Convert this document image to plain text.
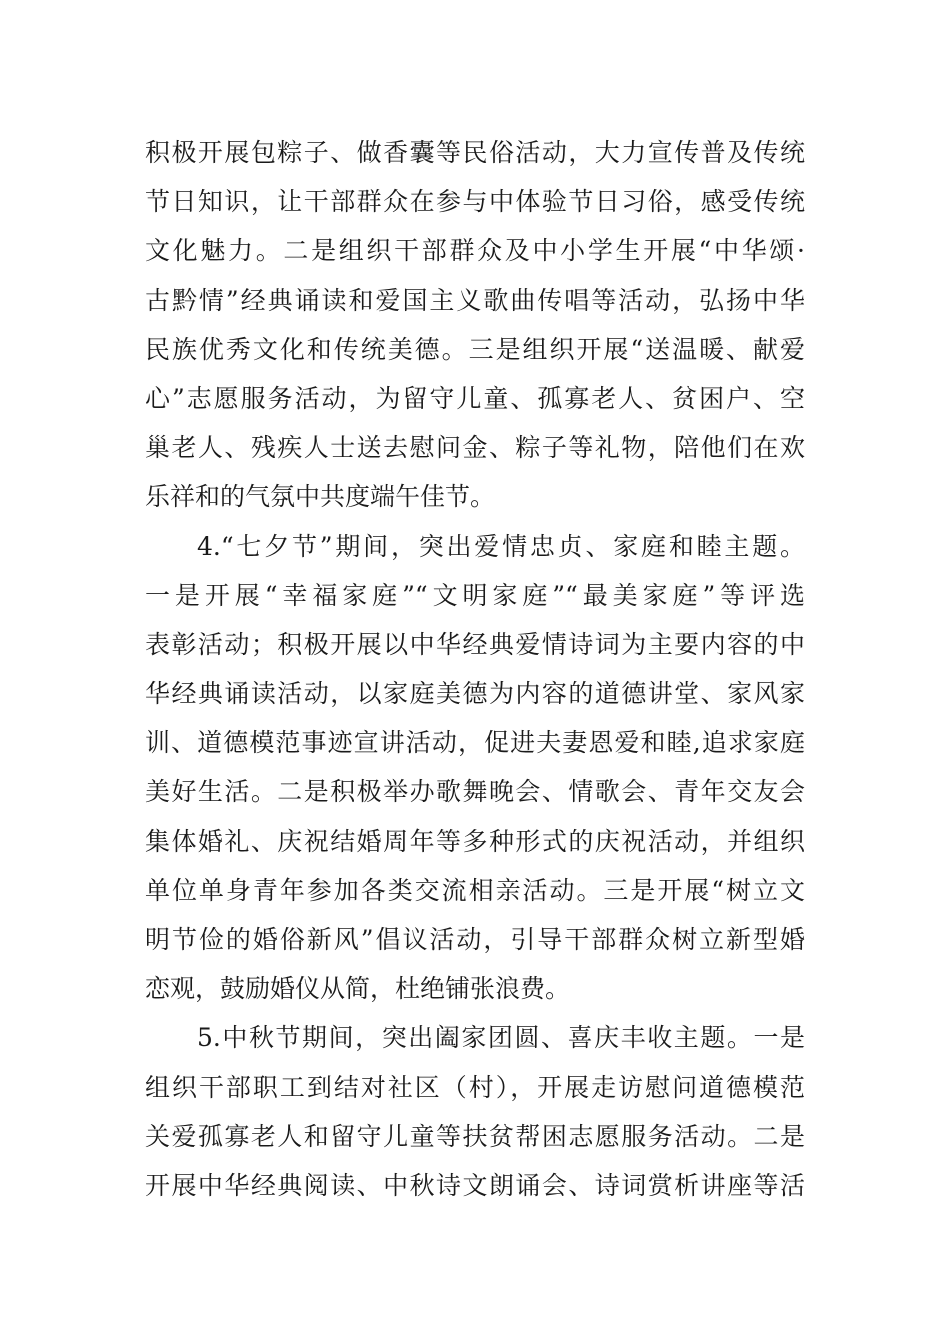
积极开展包粽子、做香囊等民俗活动，大力宣传普及传统
节日知识，让干部群众在参与中体验节日习俗，感受传统
文化魅力。二是组织干部群众及中小学生开展“中华颂·
古黔情”经典诵读和爱国主义歌曲传唱等活动，弘扬中华
民族优秀文化和传统美德。三是组织开展“送温暖、献爱
心”志愿服务活动，为留守儿童、孤寡老人、贫困户、空
巢老人、残疾人士送去慰问金、粽子等礼物，陪他们在欢
乐祥和的气氛中共度端午佳节。
4.“七夕节”期间，突出爱情忠贞、家庭和睦主题。
一是开展“幸福家庭”“文明家庭”“最美家庭”等评选
表彰活动；积极开展以中华经典爱情诗词为主要内容的中
华经典诵读活动，以家庭美德为内容的道德讲堂、家风家
训、道德模范事迹宣讲活动，促进夫妻恩爱和睦,追求家庭
美好生活。二是积极举办歌舞晚会、情歌会、青年交友会
集体婚礼、庆祝结婚周年等多种形式的庆祝活动，并组织
单位单身青年参加各类交流相亲活动。三是开展“树立文
明节俭的婚俗新风”倡议活动，引导干部群众树立新型婚
恋观，鼓励婚仪从简，杜绝铺张浪费。
5.中秋节期间，突出阖家团圆、喜庆丰收主题。一是
组织干部职工到结对社区（村），开展走访慰问道德模范
关爱孤寡老人和留守儿童等扶贫帮困志愿服务活动。二是
开展中华经典阅读、中秋诗文朗诵会、诗词赏析讲座等活
